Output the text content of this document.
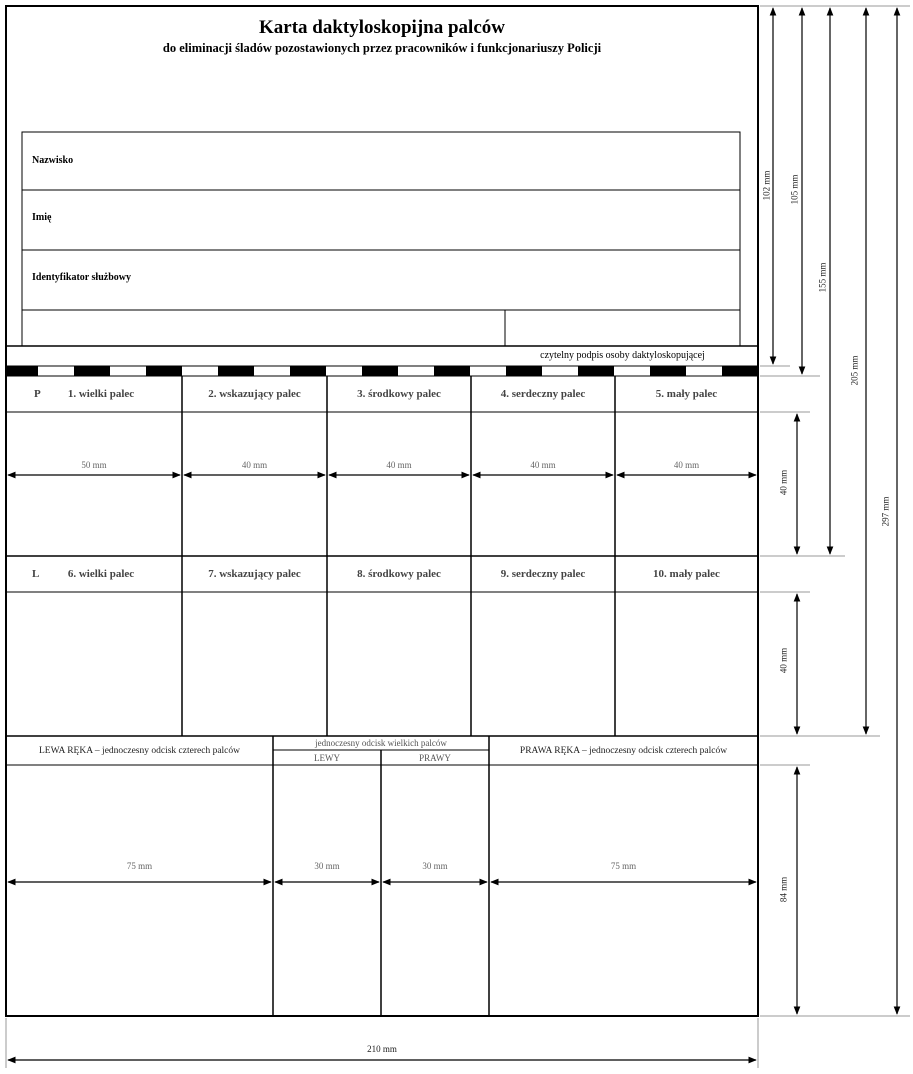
Karta daktyloskopijna palców
do eliminacji śladów pozostawionych przez pracowników i funkcjonariuszy Policji
Nazwisko
Imię
Identyfikator służbowy
czytelny podpis osoby daktyloskopującej
P	1. wielki palec	2. wskazujący palec	3. środkowy palec	4. serdeczny palec	5. mały palec
50 mm	40 mm	40 mm	40 mm	40 mm
L	6. wielki palec	7. wskazujący palec	8. środkowy palec	9. serdeczny palec	10. mały palec
LEWA RĘKA – jednoczesny odcisk czterech palców
jednoczesny odcisk wielkich palców
LEWY	PRAWY
PRAWA RĘKA – jednoczesny odcisk czterech palców
75 mm	30 mm	30 mm	75 mm
210 mm
102 mm 105 mm
155 mm
205 mm
297 mm
40 mm
40 mm
84 mm
